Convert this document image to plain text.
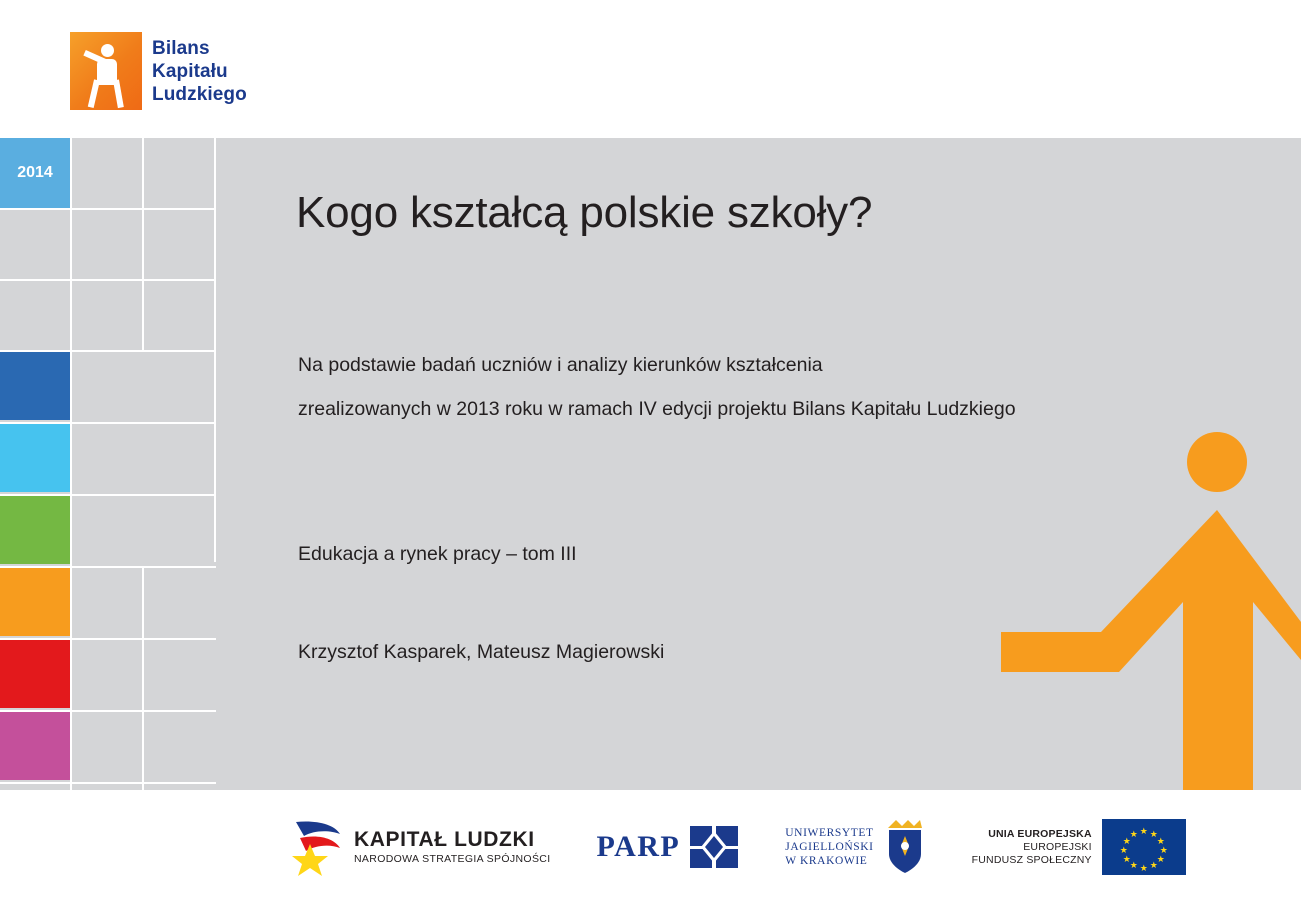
Bilans
Kapitału
Ludzkiego
2014
Kogo kształcą polskie szkoły?
Na podstawie badań uczniów i analizy kierunków kształcenia
zrealizowanych w 2013 roku w ramach IV edycji projektu Bilans Kapitału Ludzkiego
Edukacja a rynek pracy – tom III
Krzysztof Kasparek, Mateusz Magierowski
KAPITAŁ LUDZKI
NARODOWA STRATEGIA SPÓJNOŚCI PARP	UNIWERSYTET
JAGIELLOŃSKI
W KRAKOWIE
UNIA EUROPEJSKA
EUROPEJSKI
FUNDUSZ SPOŁECZNY
★ ★
★
★
★
★
★
★
★
★
★
★
